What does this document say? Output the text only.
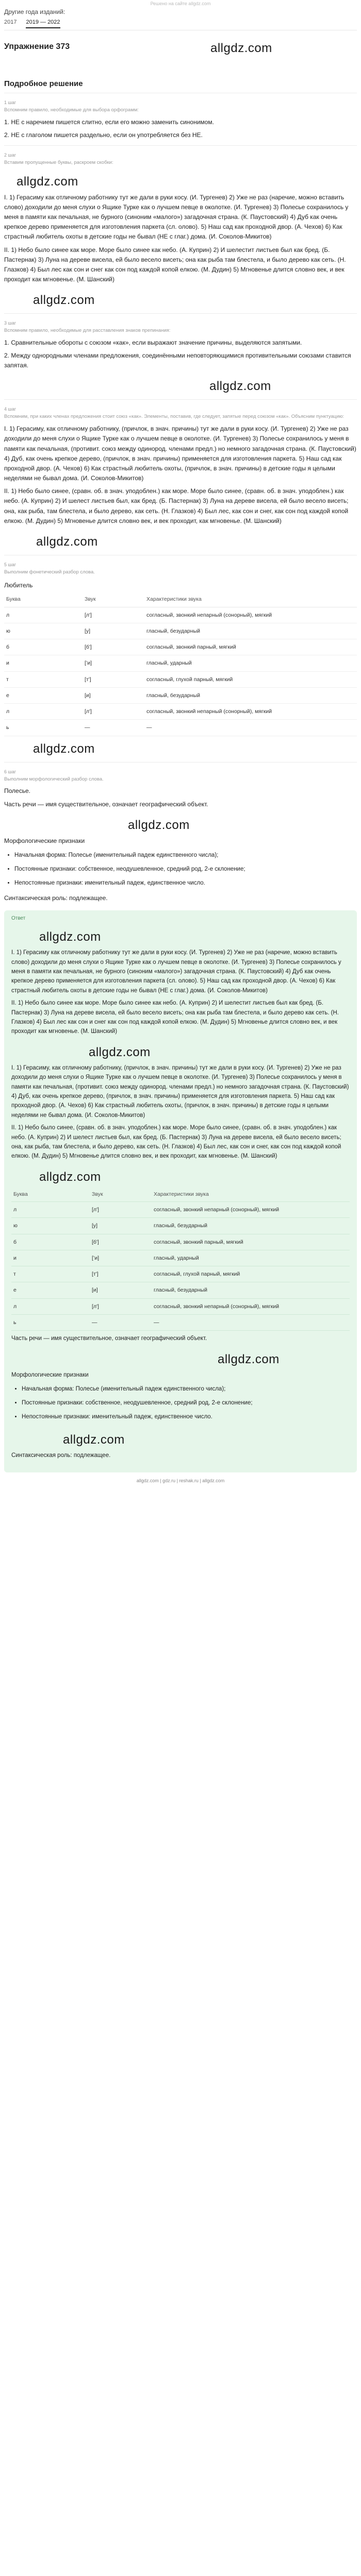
Решено на сайте allgdz.com
Другие года изданий:
2017 2019 — 2022
Упражнение 373	allgdz.com
Подробное решение
1 шаг
Вспомним правило, необходимые для выбора орфограмм:

1. НЕ с наречием пишется слитно, если его можно заменить синонимом.

2. НЕ с глаголом пишется раздельно, если он употребляется без НЕ.

2 шаг
Вставим пропущенные буквы, раскроем скобки:
allgdz.com

I. 1) Герасиму как отличному работнику тут же дали в руки косу. (И. Тургенев) 2) Уже не раз (наречие, можно вставить слово) доходили до меня слухи о Ящике Турке как о лучшем певце в околотке. (И. Тургенев) 3) Полесье сохранилось у меня в памяти как печальная, не бурного (синоним «малого») загадочная страна. (К. Паустовский) 4) Дуб как очень крепкое дерево применяется для изготовления паркета (сл. олово). 5) Наш сад как проходной двор. (А. Чехов) 6) Как страстный любитель охоты в детские годы не бывал (НЕ с глаг.) дома. (И. Соколов-Микитов)

II. 1) Небо было синее как море. Море было синее как небо. (А. Куприн) 2) И шелестит листьев был как бред. (Б. Пастернак) 3) Луна на дереве висела, ей было весело висеть; она как рыба там блестела, и было дерево как сеть. (Н. Глазков) 4) Был лес как сон и снег как сон под каждой копой елкою. (М. Дудин) 5) Мгновенье длится словно век, и век проходит как мгновенье. (М. Шанский)

allgdz.com
3 шаг
Вспомним правило, необходимые для расставления знаков препинания:

1. Сравнительные обороты с союзом «как», если выражают значение причины, выделяются запятыми.

2. Между однородными членами предложения, соединёнными неповторяющимися противительными союзами ставится запятая.

allgdz.com
4 шаг
Вспомним, при каких членах предложения стоит союз «как». Элементы, поставив, где следует, запятые перед союзом «как». Объясним пунктуацию:

I. 1) Герасиму, как отличному работнику, (причлок, в знач. причины) тут же дали в руки косу. (И. Тургенев) 2) Уже не раз доходили до меня слухи о Ящике Турке как о лучшем певце в околотке. (И. Тургенев) 3) Полесье сохранилось у меня в памяти как печальная, (противит. союз между одинород. членами предл.) но немного загадочная страна. (К. Паустовский) 4) Дуб, как очень крепкое дерево, (причлок, в знач. причины) применяется для изготовления паркета. 5) Наш сад как проходной двор. (А. Чехов) 6) Как страстный любитель охоты, (причлок, в знач. причины) в детские годы я целыми неделями не бывал дома. (И. Соколов-Микитов)

II. 1) Небо было синее, (сравн. об. в знач. уподоблен.) как море. Море было синее, (сравн. об. в знач. уподоблен.) как небо. (А. Куприн) 2) И шелест листьев был, как бред. (Б. Пастернак) 3) Луна на дереве висела, ей было весело висеть; она, как рыба, там блестела, и было дерево, как сеть. (Н. Глазков) 4) Был лес, как сон и снег, как сон под каждой копой елкою. (М. Дудин) 5) Мгновенье длится словно век, и век проходит, как мгновенье. (М. Шанский)

allgdz.com
5 шаг
Выполним фонетический разбор слова.
Любитель
Буква	Звук	Характеристики звука
л	[л']	согласный, звонкий непарный (сонорный), мягкий
ю	[у]	гласный, безударный
б	[б']	согласный, звонкий парный, мягкий
и	[’и]	гласный, ударный
т	[т']	согласный, глухой парный, мягкий
е	[и]	гласный, безударный
л	[л']	согласный, звонкий непарный (сонорный), мягкий
ь	—	—
allgdz.com
6 шаг
Выполним морфологический разбор слова.

Полесье.

Часть речи — имя существительное, означает географический объект.

allgdz.com

Морфологические признаки

• Начальная форма: Полесье (именительный падеж единственного числа);
• Постоянные признаки: собственное, неодушевленное, средний род, 2-е склонение;
• Непостоянные признаки: именительный падеж, единственное число.

Синтаксическая роль: подлежащее.

Ответ
allgdz.com

I. 1) Герасиму как отличному работнику тут же дали в руки косу. (И. Тургенев) 2) Уже не раз (наречие, можно вставить слово) доходили до меня слухи о Ящике Турке как о лучшем певце в околотке. (И. Тургенев) 3) Полесье сохранилось у меня в памяти как печальная, не бурного (синоним «малого») загадочная страна. (К. Паустовский) 4) Дуб как очень крепкое дерево применяется для изготовления паркета (сл. олово). 5) Наш сад как проходной двор. (А. Чехов) 6) Как страстный любитель охоты в детские годы не бывал (НЕ с глаг.) дома. (И. Соколов-Микитов)

II. 1) Небо было синее как море. Море было синее как небо. (А. Куприн) 2) И шелестит листьев был как бред. (Б. Пастернак) 3) Луна на дереве висела, ей было весело висеть; она как рыба там блестела, и было дерево как сеть. (Н. Глазков) 4) Был лес как сон и снег как сон под каждой копой елкою. (М. Дудин) 5) Мгновенье длится словно век, и век проходит как мгновенье. (М. Шанский)

allgdz.com

I. 1) Герасиму, как отличному работнику, (причлок, в знач. причины) тут же дали в руки косу. (И. Тургенев) 2) Уже не раз доходили до меня слухи о Ящике Турке как о лучшем певце в околотке. (И. Тургенев) 3) Полесье сохранилось у меня в памяти как печальная, (противит. союз между одинород. членами предл.) но немного загадочная страна. (К. Паустовский) 4) Дуб, как очень крепкое дерево, (причлок, в знач. причины) применяется для изготовления паркета. 5) Наш сад как проходной двор. (А. Чехов) 6) Как страстный любитель охоты, (причлок, в знач. причины) в детские годы я целыми неделями не бывал дома. (И. Соколов-Микитов)

II. 1) Небо было синее, (сравн. об. в знач. уподоблен.) как море. Море было синее, (сравн. об. в знач. уподоблен.) как небо. (А. Куприн) 2) И шелест листьев был, как бред. (Б. Пастернак) 3) Луна на дереве висела, ей было весело висеть; она, как рыба, там блестела, и было дерево, как сеть. (Н. Глазков) 4) Был лес, как сон и снег, как сон под каждой копой елкою. (М. Дудин) 5) Мгновенье длится словно век, и век проходит, как мгновенье. (М. Шанский)

allgdz.com
Буква	Звук	Характеристики звука
л	[л']	согласный, звонкий непарный (сонорный), мягкий
ю	[у]	гласный, безударный
б	[б']	согласный, звонкий парный, мягкий
и	[’и]	гласный, ударный
т	[т']	согласный, глухой парный, мягкий
е	[и]	гласный, безударный
л	[л']	согласный, звонкий непарный (сонорный), мягкий
ь	—	—

Часть речи — имя существительное, означает географический объект.

allgdz.com

Морфологические признаки

• Начальная форма: Полесье (именительный падеж единственного числа);
• Постоянные признаки: собственное, неодушевленное, средний род, 2-е склонение;
• Непостоянные признаки: именительный падеж, единственное число.
allgdz.com

Синтаксическая роль: подлежащее.

allgdz.com | gdz.ru | reshak.ru | allgdz.com
